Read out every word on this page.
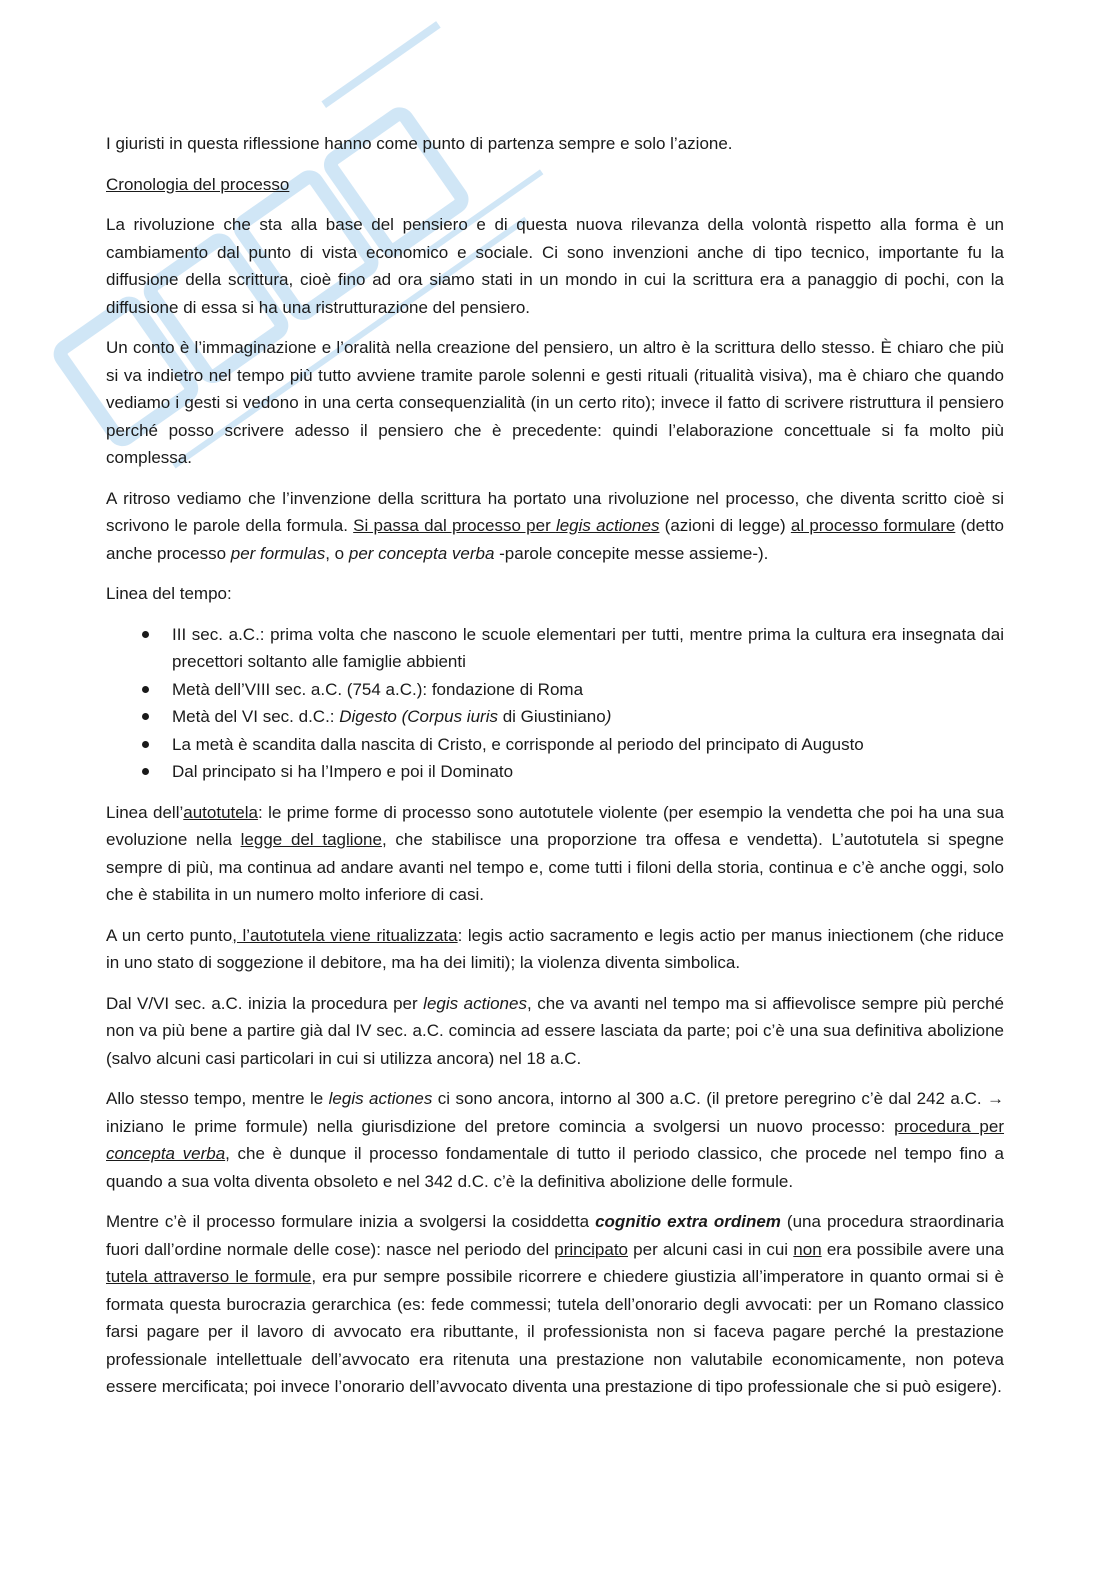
I giuristi in questa riflessione hanno come punto di partenza sempre e solo l’azione.

Cronologia del processo

La rivoluzione che sta alla base del pensiero e di questa nuova rilevanza della volontà rispetto alla forma è un cambiamento dal punto di vista economico e sociale. Ci sono invenzioni anche di tipo tecnico, importante fu la diffusione della scrittura, cioè fino ad ora siamo stati in un mondo in cui la scrittura era a panaggio di pochi, con la diffusione di essa si ha una ristrutturazione del pensiero.

Un conto è l’immaginazione e l’oralità nella creazione del pensiero, un altro è la scrittura dello stesso. È chiaro che più si va indietro nel tempo più tutto avviene tramite parole solenni e gesti rituali (ritualità visiva), ma è chiaro che quando vediamo i gesti si vedono in una certa consequenzialità (in un certo rito); invece il fatto di scrivere ristruttura il pensiero perché posso scrivere adesso il pensiero che è precedente: quindi l’elaborazione concettuale si fa molto più complessa.

A ritroso vediamo che l’invenzione della scrittura ha portato una rivoluzione nel processo, che diventa scritto cioè si scrivono le parole della formula. Si passa dal processo per legis actiones (azioni di legge) al processo formulare (detto anche processo per formulas, o per concepta verba -parole concepite messe assieme-).

Linea del tempo:

III sec. a.C.: prima volta che nascono le scuole elementari per tutti, mentre prima la cultura era insegnata dai precettori soltanto alle famiglie abbienti
Metà dell’VIII sec. a.C. (754 a.C.): fondazione di Roma
Metà del VI sec. d.C.: Digesto (Corpus iuris di Giustiniano)
La metà è scandita dalla nascita di Cristo, e corrisponde al periodo del principato di Augusto
Dal principato si ha l’Impero e poi il Dominato

Linea dell’autotutela: le prime forme di processo sono autotutele violente (per esempio la vendetta che poi ha una sua evoluzione nella legge del taglione, che stabilisce una proporzione tra offesa e vendetta). L’autotutela si spegne sempre di più, ma continua ad andare avanti nel tempo e, come tutti i filoni della storia, continua e c’è anche oggi, solo che è stabilita in un numero molto inferiore di casi.

A un certo punto, l’autotutela viene ritualizzata: legis actio sacramento e legis actio per manus iniectionem (che riduce in uno stato di soggezione il debitore, ma ha dei limiti); la violenza diventa simbolica.

Dal V/VI sec. a.C. inizia la procedura per legis actiones, che va avanti nel tempo ma si affievolisce sempre più perché non va più bene a partire già dal IV sec. a.C. comincia ad essere lasciata da parte; poi c’è una sua definitiva abolizione (salvo alcuni casi particolari in cui si utilizza ancora) nel 18 a.C.

Allo stesso tempo, mentre le legis actiones ci sono ancora, intorno al 300 a.C. (il pretore peregrino c’è dal 242 a.C. → iniziano le prime formule) nella giurisdizione del pretore comincia a svolgersi un nuovo processo: procedura per concepta verba, che è dunque il processo fondamentale di tutto il periodo classico, che procede nel tempo fino a quando a sua volta diventa obsoleto e nel 342 d.C. c’è la definitiva abolizione delle formule.

Mentre c’è il processo formulare inizia a svolgersi la cosiddetta cognitio extra ordinem (una procedura straordinaria fuori dall’ordine normale delle cose): nasce nel periodo del principato per alcuni casi in cui non era possibile avere una tutela attraverso le formule, era pur sempre possibile ricorrere e chiedere giustizia all’imperatore in quanto ormai si è formata questa burocrazia gerarchica (es: fede commessi; tutela dell’onorario degli avvocati: per un Romano classico farsi pagare per il lavoro di avvocato era ributtante, il professionista non si faceva pagare perché la prestazione professionale intellettuale dell’avvocato era ritenuta una prestazione non valutabile economicamente, non poteva essere mercificata; poi invece l’onorario dell’avvocato diventa una prestazione di tipo professionale che si può esigere).
